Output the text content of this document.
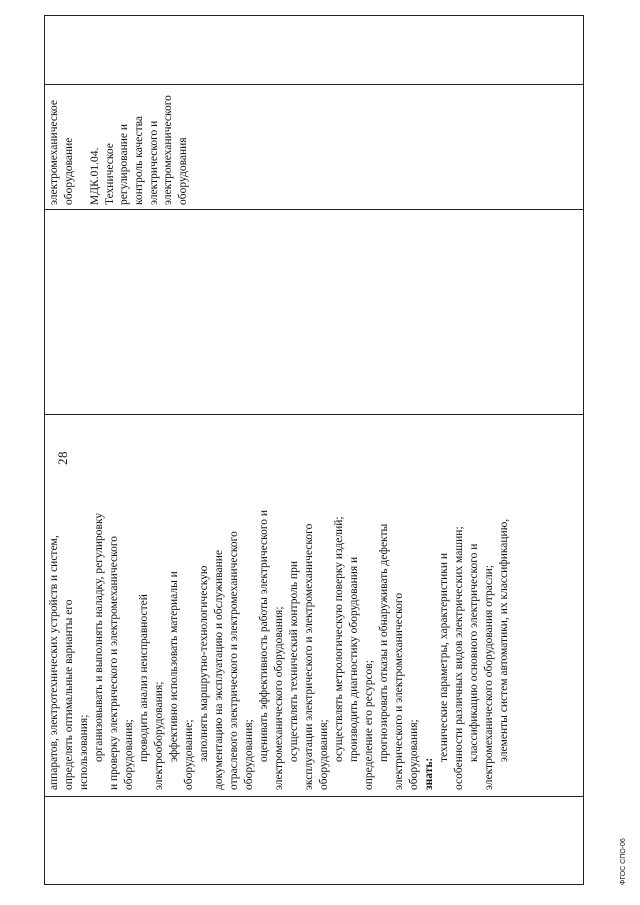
28
аппаратов, электротехнических устройств и систем, определять оптимальные варианты его использования; организовывать и выполнять наладку, регулировку и проверку электрического и электромеханического оборудования; проводить анализ неисправностей электрооборудования; эффективно использовать материалы и оборудование; заполнять маршрутно-технологическую документацию на эксплуатацию и обслуживание отраслевого электрического и электромеханического оборудования; оценивать эффективность работы электрического и электромеханического оборудования; осуществлять технический контроль при эксплуатации электрического и электромеханического оборудования; осуществлять метрологическую поверку изделий; производить диагностику оборудования и определение его ресурсов; прогнозировать отказы и обнаруживать дефекты электрического и электромеханического оборудования; знать:
технические параметры, характеристики и особенности различных видов электрических машин; классификацию основного электрического и электромеханического оборудования отрасли; элементы систем автоматики, их классификацию,
электромеханическое оборудование МДК.01.04. Техническое регулирование и контроль качества электрического и электромеханического оборудования
ФГОС СПО-06
